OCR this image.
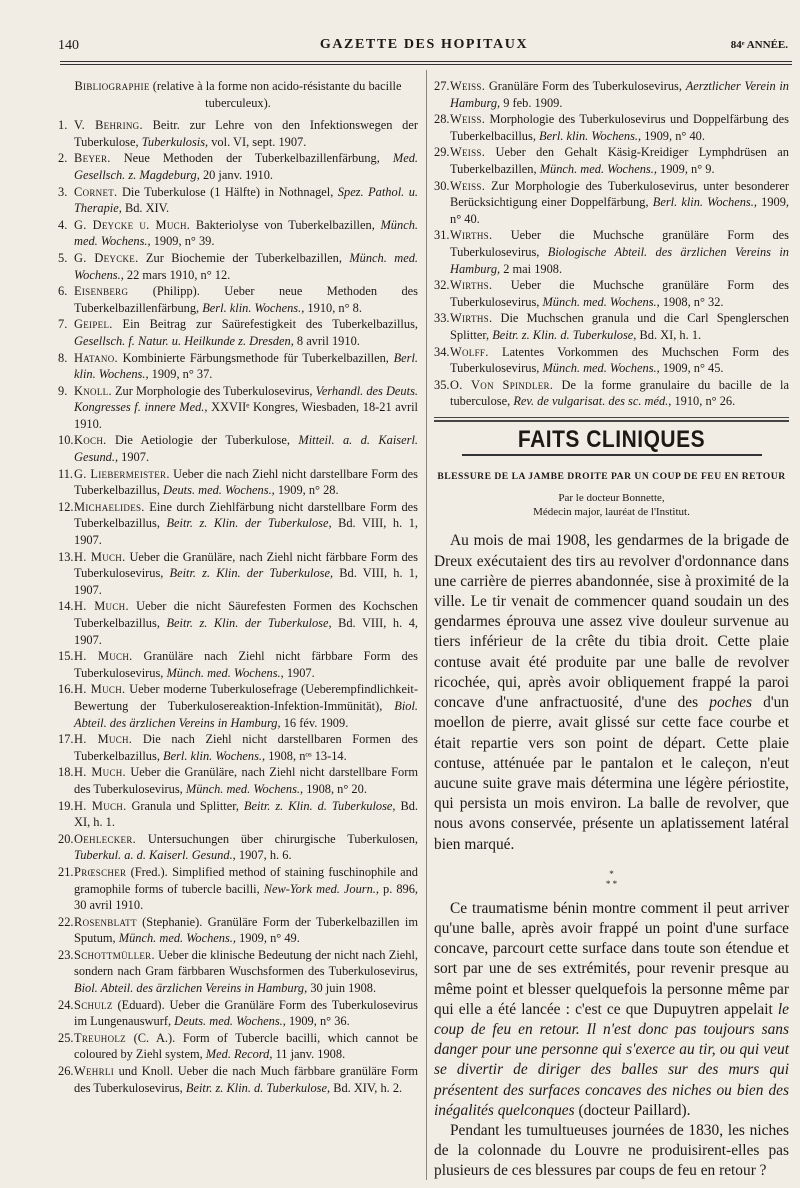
140	GAZETTE DES HOPITAUX	84ᵉ ANNÉE.
Bibliographie (relative à la forme non acido-résistante du bacille tuberculeux).

1. V. Behring. Beitr. zur Lehre von den Infektionswegen der Tuberkulose, Tuberkulosis, vol. VI, sept. 1907.

2. Beyer. Neue Methoden der Tuberkelbazillenfärbung, Med. Gesellsch. z. Magdeburg, 20 janv. 1910.

3. Cornet. Die Tuberkulose (1 Hälfte) in Nothnagel, Spez. Pathol. u. Therapie, Bd. XIV.

4. G. Deycke u. Much. Bakteriolyse von Tuberkelbazillen, Münch. med. Wochens., 1909, n° 39.

5. G. Deycke. Zur Biochemie der Tuberkelbazillen, Münch. med. Wochens., 22 mars 1910, n° 12.

6. Eisenberg (Philipp). Ueber neue Methoden des Tuberkelbazillenfärbung, Berl. klin. Wochens., 1910, n° 8.

7. Geipel. Ein Beitrag zur Saürefestigkeit des Tuberkelbazillus, Gesellsch. f. Natur. u. Heilkunde z. Dresden, 8 avril 1910.

8. Hatano. Kombinierte Färbungsmethode für Tuberkelbazillen, Berl. klin. Wochens., 1909, n° 37.

9. Knoll. Zur Morphologie des Tuberkulosevirus, Verhandl. des Deuts. Kongresses f. innere Med., XXVIIᵉ Kongres, Wiesbaden, 18-21 avril 1910.

10.Koch. Die Aetiologie der Tuberkulose, Mitteil. a. d. Kaiserl. Gesund., 1907.

11.G. Liebermeister. Ueber die nach Ziehl nicht darstellbare Form des Tuberkelbazillus, Deuts. med. Wochens., 1909, n° 28.

12.Michaelides. Eine durch Ziehlfärbung nicht darstellbare Form des Tuberkelbazillus, Beitr. z. Klin. der Tuberkulose, Bd. VIII, h. 1, 1907.

13.H. Much. Ueber die Granüläre, nach Ziehl nicht färbbare Form des Tuberkulosevirus, Beitr. z. Klin. der Tuberkulose, Bd. VIII, h. 1, 1907.

14.H. Much. Ueber die nicht Säurefesten Formen des Kochschen Tuberkelbazillus, Beitr. z. Klin. der Tuberkulose, Bd. VIII, h. 4, 1907.

15.H. Much. Granüläre nach Ziehl nicht färbbare Form des Tuberkulosevirus, Münch. med. Wochens., 1907.

16.H. Much. Ueber moderne Tuberkulosefrage (Ueberempfindlichkeit-Bewertung der Tuberkulosereaktion-Infektion-Immünität), Biol. Abteil. des ärzlichen Vereins in Hamburg, 16 fév. 1909.

17.H. Much. Die nach Ziehl nicht darstellbaren Formen des Tuberkelbazillus, Berl. klin. Wochens., 1908, nᵒˢ 13-14.

18.H. Much. Ueber die Granüläre, nach Ziehl nicht darstellbare Form des Tuberkulosevirus, Münch. med. Wochens., 1908, n° 20.

19.H. Much. Granula und Splitter, Beitr. z. Klin. d. Tuberkulose, Bd. XI, h. 1.

20.Oehlecker. Untersuchungen über chirurgische Tuberkulosen, Tuberkul. a. d. Kaiserl. Gesund., 1907, h. 6.

21.Prœscher (Fred.). Simplified method of staining fuschinophile and gramophile forms of tubercle bacilli, New-York med. Journ., p. 896, 30 avril 1910.

22.Rosenblatt (Stephanie). Granüläre Form der Tuberkelbazillen im Sputum, Münch. med. Wochens., 1909, n° 49.

23.Schottmüller. Ueber die klinische Bedeutung der nicht nach Ziehl, sondern nach Gram färbbaren Wuschsformen des Tuberkulosevirus, Biol. Abteil. des ärzlichen Vereins in Hamburg, 30 juin 1908.

24.Schulz (Eduard). Ueber die Granüläre Form des Tuberkulosevirus im Lungenauswurf, Deuts. med. Wochens., 1909, n° 36.

25.Treuholz (C. A.). Form of Tubercle bacilli, which cannot be coloured by Ziehl system, Med. Record, 11 janv. 1908.

26.Wehrli und Knoll. Ueber die nach Much färbbare granüläre Form des Tuberkulosevirus, Beitr. z. Klin. d. Tuberkulose, Bd. XIV, h. 2.

27.Weiss. Granüläre Form des Tuberkulosevirus, Aerztlicher Verein in Hamburg, 9 feb. 1909.

28.Weiss. Morphologie des Tuberkulosevirus und Doppelfärbung des Tuberkelbacillus, Berl. klin. Wochens., 1909, n° 40.

29.Weiss. Ueber den Gehalt Käsig-Kreidiger Lymphdrüsen an Tuberkelbazillen, Münch. med. Wochens., 1909, n° 9.

30.Weiss. Zur Morphologie des Tuberkulosevirus, unter besonderer Berücksichtigung einer Doppelfärbung, Berl. klin. Wochens., 1909, n° 40.

31.Wirths. Ueber die Muchsche granüläre Form des Tuberkulosevirus, Biologische Abteil. des ärzlichen Vereins in Hamburg, 2 mai 1908.

32.Wirths. Ueber die Muchsche granüläre Form des Tuberkulosevirus, Münch. med. Wochens., 1908, n° 32.

33.Wirths. Die Muchschen granula und die Carl Spenglerschen Splitter, Beitr. z. Klin. d. Tuberkulose, Bd. XI, h. 1.

34.Wolff. Latentes Vorkommen des Muchschen Form des Tuberkulosevirus, Münch. med. Wochens., 1909, n° 45.

35.O. Von Spindler. De la forme granulaire du bacille de la tuberculose, Rev. de vulgarisat. des sc. méd., 1910, n° 26.

FAITS CLINIQUES
BLESSURE DE LA JAMBE DROITE PAR UN COUP DE FEU EN RETOUR
Par le docteur Bonnette,
Médecin major, lauréat de l'Institut.

Au mois de mai 1908, les gendarmes de la brigade de Dreux exécutaient des tirs au revolver d'ordonnance dans une carrière de pierres abandonnée, sise à proximité de la ville. Le tir venait de commencer quand soudain un des gendarmes éprouva une assez vive douleur survenue au tiers inférieur de la crête du tibia droit. Cette plaie contuse avait été produite par une balle de revolver ricochée, qui, après avoir obliquement frappé la paroi concave d'une anfractuosité, d'une des poches d'un moellon de pierre, avait glissé sur cette face courbe et était repartie vers son point de départ. Cette plaie contuse, atténuée par le pantalon et le caleçon, n'eut aucune suite grave mais détermina une légère périostite, qui persista un mois environ. La balle de revolver, que nous avons conservée, présente un aplatissement latéral bien marqué.

*
* *

Ce traumatisme bénin montre comment il peut arriver qu'une balle, après avoir frappé un point d'une surface concave, parcourt cette surface dans toute son étendue et sort par une de ses extrémités, pour revenir presque au même point et blesser quelquefois la personne même par qui elle a été lancée : c'est ce que Dupuytren appelait le coup de feu en retour. Il n'est donc pas toujours sans danger pour une personne qui s'exerce au tir, ou qui veut se divertir de diriger des balles sur des murs qui présentent des surfaces concaves des niches ou bien des inégalités quelconques (docteur Paillard).

Pendant les tumultueuses journées de 1830, les niches de la colonnade du Louvre ne produisirent-elles pas plusieurs de ces blessures par coups de feu en retour ?
